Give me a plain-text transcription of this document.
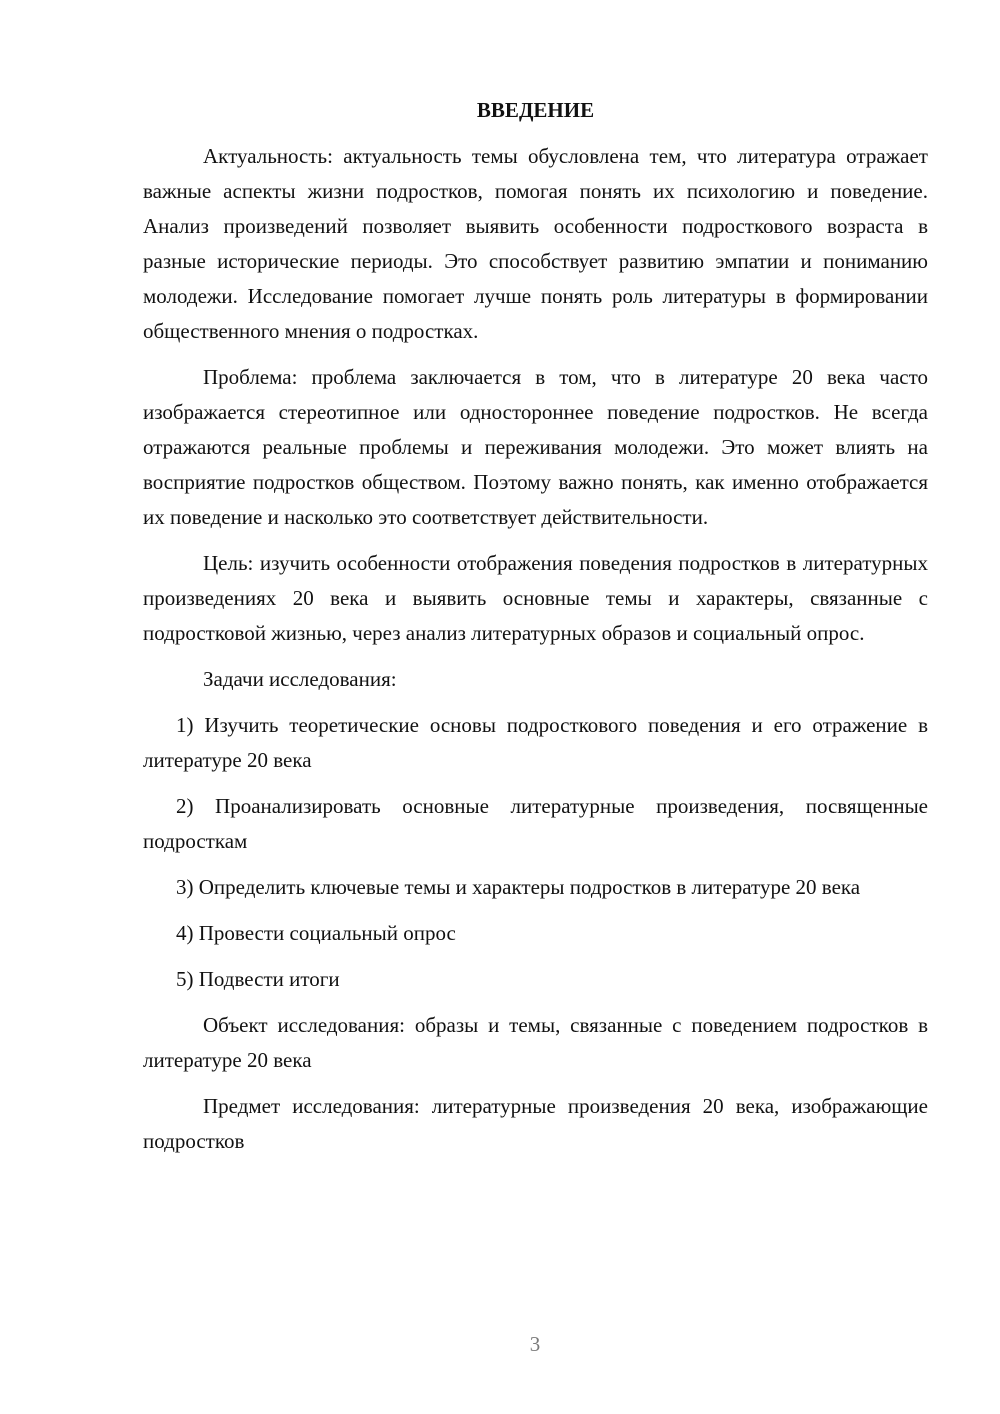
ВВЕДЕНИЕ

Актуальность: актуальность темы обусловлена тем, что литература отражает важные аспекты жизни подростков, помогая понять их психологию и поведение. Анализ произведений позволяет выявить особенности подросткового возраста в разные исторические периоды. Это способствует развитию эмпатии и пониманию молодежи. Исследование помогает лучше понять роль литературы в формировании общественного мнения о подростках.

Проблема: проблема заключается в том, что в литературе 20 века часто изображается стереотипное или одностороннее поведение подростков. Не всегда отражаются реальные проблемы и переживания молодежи. Это может влиять на восприятие подростков обществом. Поэтому важно понять, как именно отображается их поведение и насколько это соответствует действительности.

Цель: изучить особенности отображения поведения подростков в литературных произведениях 20 века и выявить основные темы и характеры, связанные с подростковой жизнью, через анализ литературных образов и социальный опрос.

Задачи исследования:

1) Изучить теоретические основы подросткового поведения и его отражение в литературе 20 века

2) Проанализировать основные литературные произведения, посвященные подросткам

3) Определить ключевые темы и характеры подростков в литературе 20 века

4) Провести социальный опрос

5) Подвести итоги

Объект исследования: образы и темы, связанные с поведением подростков в литературе 20 века

Предмет исследования: литературные произведения 20 века, изображающие подростков

3
